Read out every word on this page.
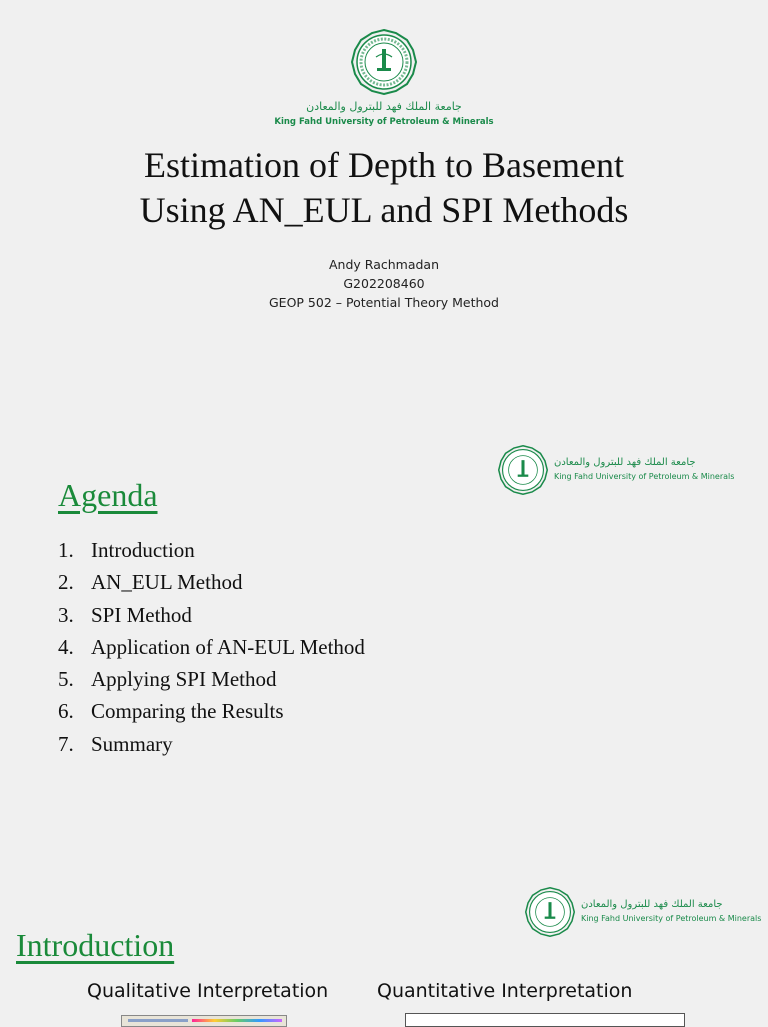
جامعة الملك فهد للبترول والمعادن
King Fahd University of Petroleum & Minerals
Estimation of Depth to Basement
Using AN_EUL and SPI Methods
Andy Rachmadan
G202208460
GEOP 502 – Potential Theory Method
جامعة الملك فهد للبترول والمعادن
King Fahd University of Petroleum & Minerals
Agenda
1. Introduction
2. AN_EUL Method
3. SPI Method
4. Application of AN-EUL Method
5. Applying SPI Method
6. Comparing the Results
7. Summary
جامعة الملك فهد للبترول والمعادن
King Fahd University of Petroleum & Minerals
Introduction
Qualitative Interpretation	Quantitative Interpretation
